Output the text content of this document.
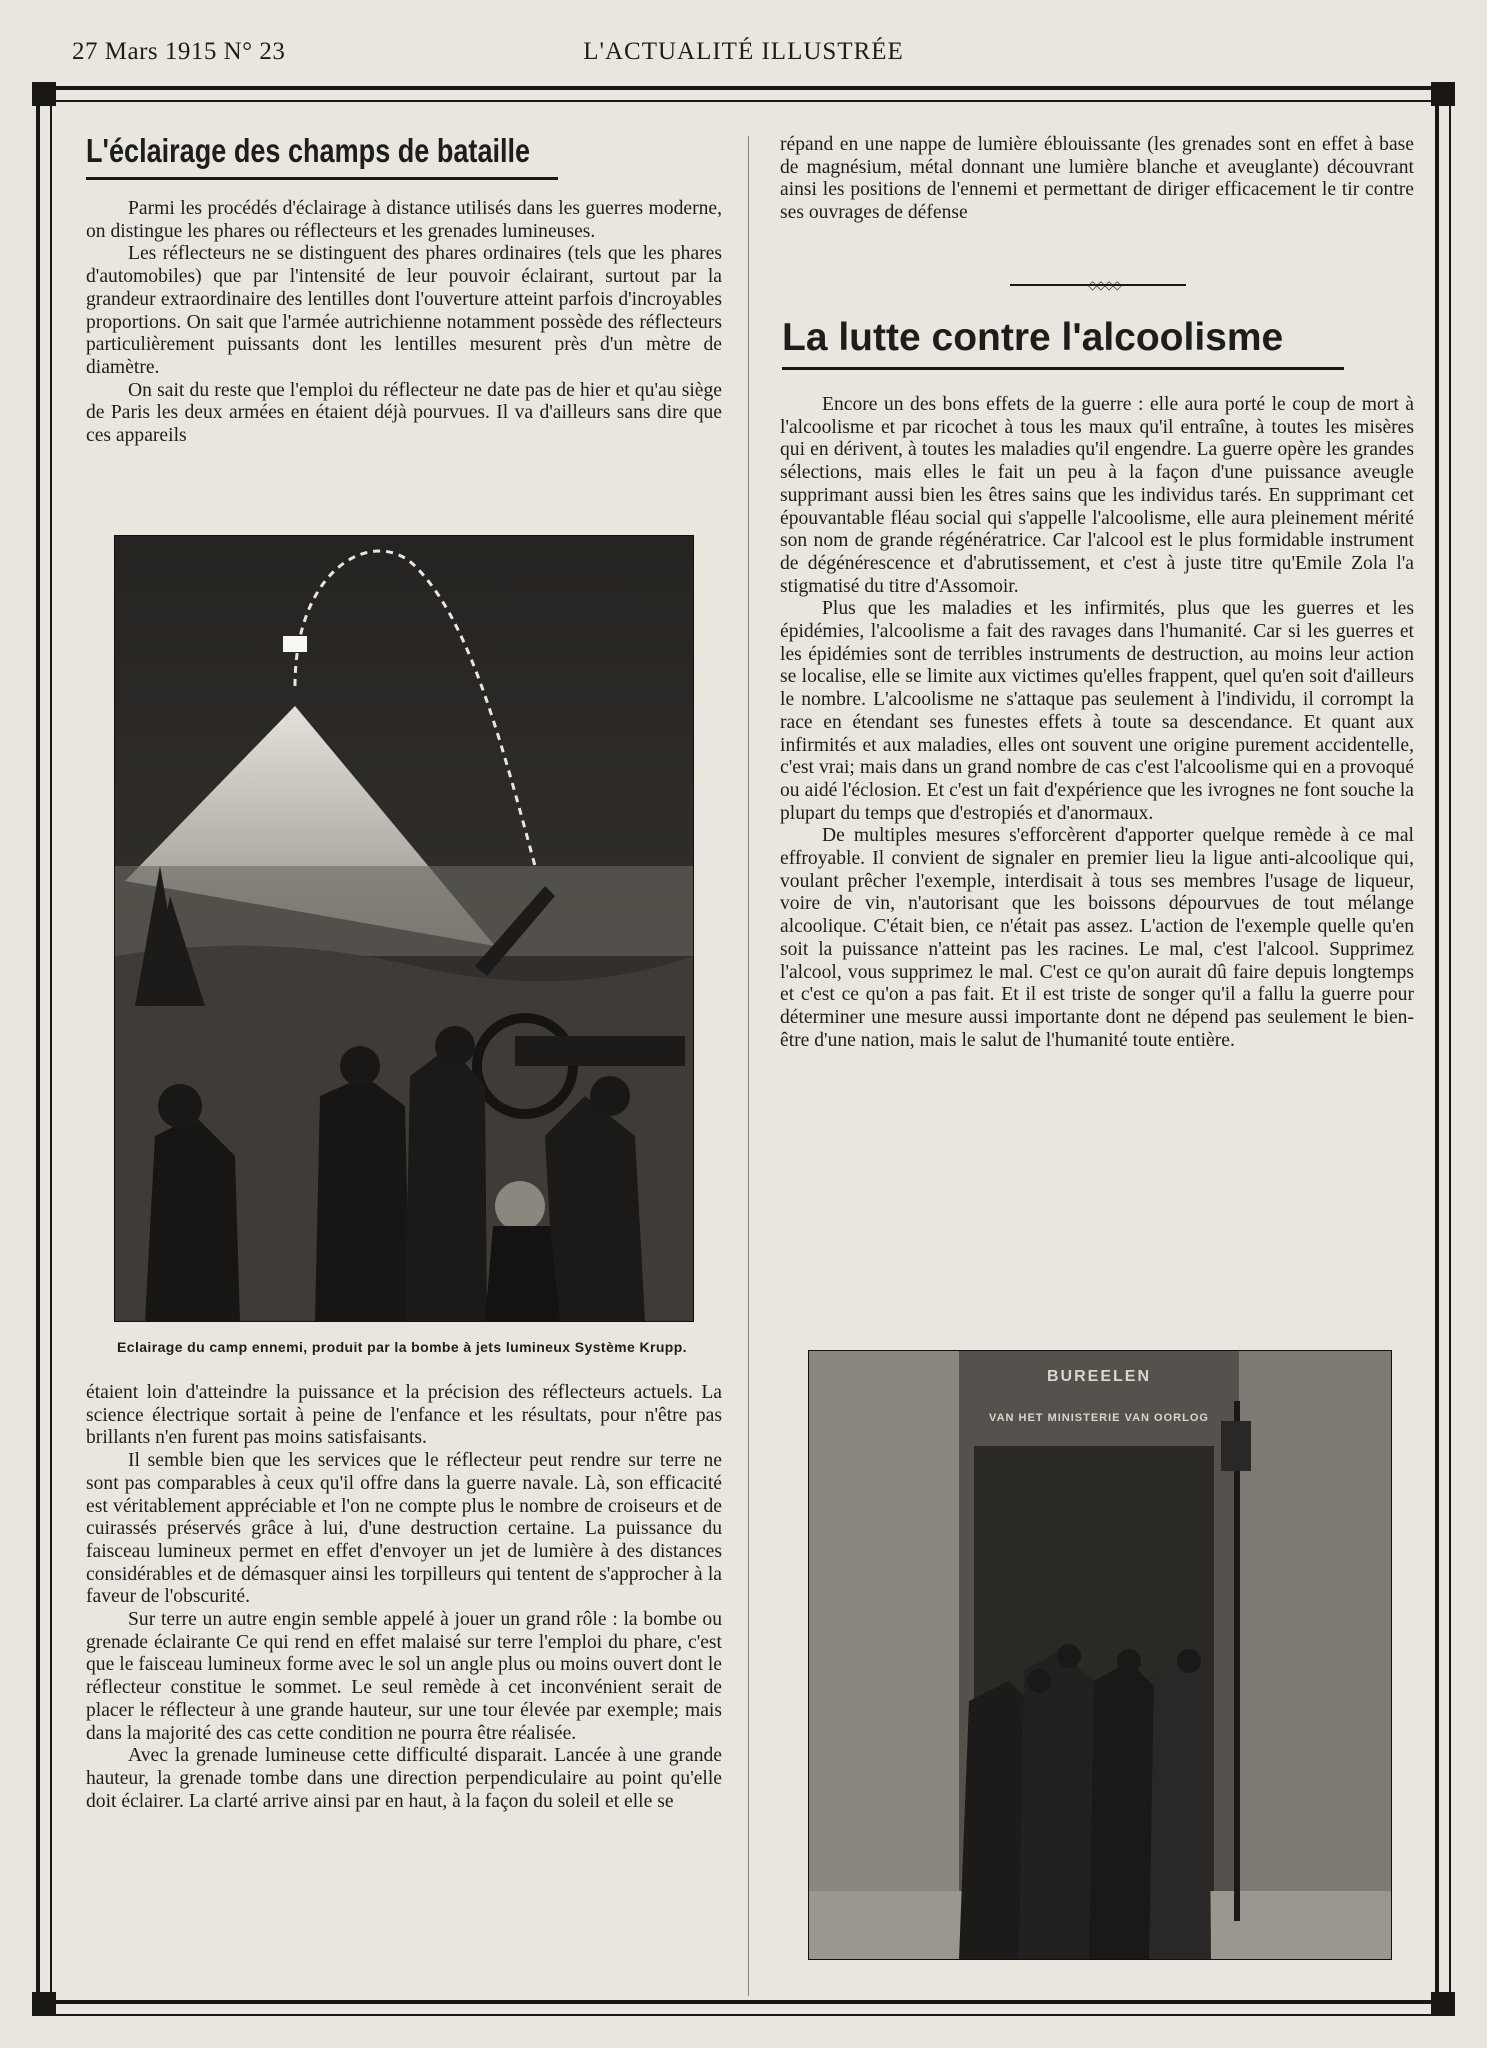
27 Mars 1915 N° 23	L'ACTUALITÉ ILLUSTRÉE
L'éclairage des champs de bataille

Parmi les procédés d'éclairage à distance utilisés dans les guerres moderne, on distingue les phares ou réflecteurs et les grenades lumineuses.

Les réflecteurs ne se distinguent des phares ordinaires (tels que les phares d'automobiles) que par l'intensité de leur pouvoir éclairant, surtout par la grandeur extraordinaire des lentilles dont l'ouverture atteint parfois d'incroyables proportions. On sait que l'armée autrichienne notamment possède des réflecteurs particulièrement puissants dont les lentilles mesurent près d'un mètre de diamètre.

On sait du reste que l'emploi du réflecteur ne date pas de hier et qu'au siège de Paris les deux armées en étaient déjà pourvues. Il va d'ailleurs sans dire que ces appareils

Eclairage du camp ennemi, produit par la bombe à jets lumineux Système Krupp.

étaient loin d'atteindre la puissance et la précision des réflecteurs actuels. La science électrique sortait à peine de l'enfance et les résultats, pour n'être pas brillants n'en furent pas moins satisfaisants.

Il semble bien que les services que le réflecteur peut rendre sur terre ne sont pas comparables à ceux qu'il offre dans la guerre navale. Là, son efficacité est véritablement appréciable et l'on ne compte plus le nombre de croiseurs et de cuirassés préservés grâce à lui, d'une destruction certaine. La puissance du faisceau lumineux permet en effet d'envoyer un jet de lumière à des distances considérables et de démasquer ainsi les torpilleurs qui tentent de s'approcher à la faveur de l'obscurité.

Sur terre un autre engin semble appelé à jouer un grand rôle : la bombe ou grenade éclairante Ce qui rend en effet malaisé sur terre l'emploi du phare, c'est que le faisceau lumineux forme avec le sol un angle plus ou moins ouvert dont le réflecteur constitue le sommet. Le seul remède à cet inconvénient serait de placer le réflecteur à une grande hauteur, sur une tour élevée par exemple; mais dans la majorité des cas cette condition ne pourra être réalisée.

Avec la grenade lumineuse cette difficulté disparait. Lancée à une grande hauteur, la grenade tombe dans une direction perpendiculaire au point qu'elle doit éclairer. La clarté arrive ainsi par en haut, à la façon du soleil et elle se

répand en une nappe de lumière éblouissante (les grenades sont en effet à base de magnésium, métal donnant une lumière blanche et aveuglante) découvrant ainsi les positions de l'ennemi et permettant de diriger efficacement le tir contre ses ouvrages de défense

◇◇◇◇
La lutte contre l'alcoolisme

Encore un des bons effets de la guerre : elle aura porté le coup de mort à l'alcoolisme et par ricochet à tous les maux qu'il entraîne, à toutes les misères qui en dérivent, à toutes les maladies qu'il engendre. La guerre opère les grandes sélections, mais elles le fait un peu à la façon d'une puissance aveugle supprimant aussi bien les êtres sains que les individus tarés. En supprimant cet épouvantable fléau social qui s'appelle l'alcoolisme, elle aura pleinement mérité son nom de grande régénératrice. Car l'alcool est le plus formidable instrument de dégénérescence et d'abrutissement, et c'est à juste titre qu'Emile Zola l'a stigmatisé du titre d'Assomoir.

Plus que les maladies et les infirmités, plus que les guerres et les épidémies, l'alcoolisme a fait des ravages dans l'humanité. Car si les guerres et les épidémies sont de terribles instruments de destruction, au moins leur action se localise, elle se limite aux victimes qu'elles frappent, quel qu'en soit d'ailleurs le nombre. L'alcoolisme ne s'attaque pas seulement à l'individu, il corrompt la race en étendant ses funestes effets à toute sa descendance. Et quant aux infirmités et aux maladies, elles ont souvent une origine purement accidentelle, c'est vrai; mais dans un grand nombre de cas c'est l'alcoolisme qui en a provoqué ou aidé l'éclosion. Et c'est un fait d'expérience que les ivrognes ne font souche la plupart du temps que d'estropiés et d'anormaux.

De multiples mesures s'efforcèrent d'apporter quelque remède à ce mal effroyable. Il convient de signaler en premier lieu la ligue anti-alcoolique qui, voulant prêcher l'exemple, interdisait à tous ses membres l'usage de liqueur, voire de vin, n'autorisant que les boissons dépourvues de tout mélange alcoolique. C'était bien, ce n'était pas assez. L'action de l'exemple quelle qu'en soit la puissance n'atteint pas les racines. Le mal, c'est l'alcool. Supprimez l'alcool, vous supprimez le mal. C'est ce qu'on aurait dû faire depuis longtemps et c'est ce qu'on a pas fait. Et il est triste de songer qu'il a fallu la guerre pour déterminer une mesure aussi importante dont ne dépend pas seulement le bien-être d'une nation, mais le salut de l'humanité toute entière.

BUREELEN
VAN HET MINISTERIE VAN OORLOG
